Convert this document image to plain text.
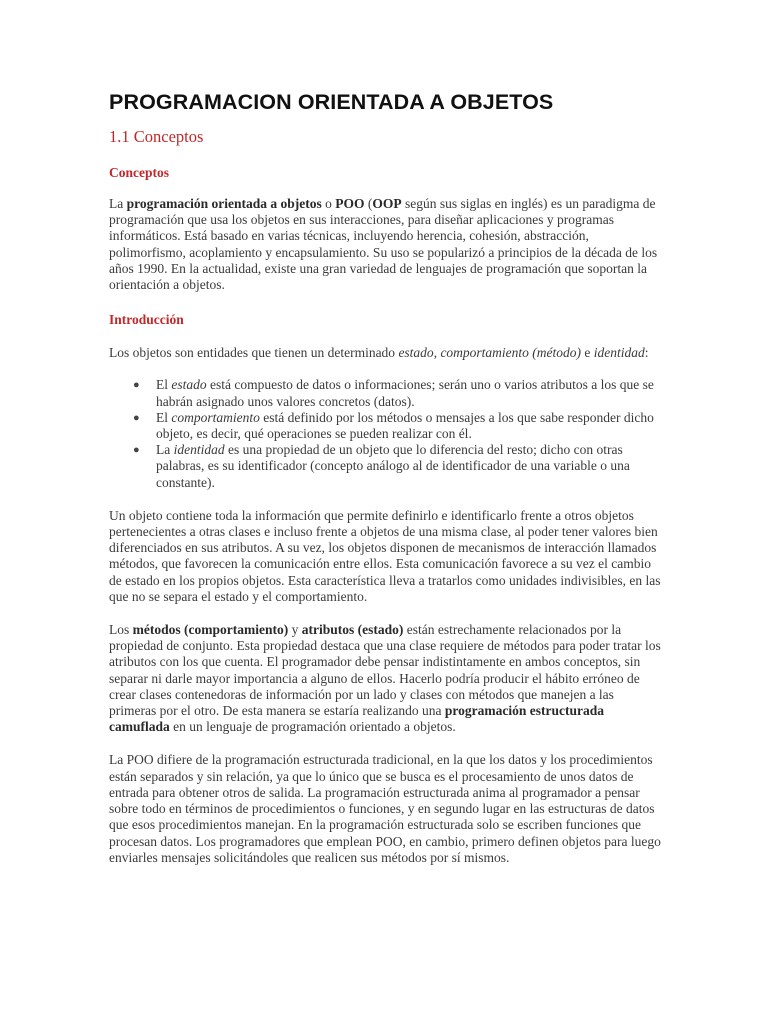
PROGRAMACION ORIENTADA A OBJETOS
1.1 Conceptos
Conceptos

La programación orientada a objetos o POO (OOP según sus siglas en inglés) es un paradigma de programación que usa los objetos en sus interacciones, para diseñar aplicaciones y programas informáticos. Está basado en varias técnicas, incluyendo herencia, cohesión, abstracción, polimorfismo, acoplamiento y encapsulamiento. Su uso se popularizó a principios de la década de los años 1990. En la actualidad, existe una gran variedad de lenguajes de programación que soportan la orientación a objetos.

Introducción

Los objetos son entidades que tienen un determinado estado, comportamiento (método) e identidad:

● El estado está compuesto de datos o informaciones; serán uno o varios atributos a los que se habrán asignado unos valores concretos (datos).
● El comportamiento está definido por los métodos o mensajes a los que sabe responder dicho objeto, es decir, qué operaciones se pueden realizar con él.
● La identidad es una propiedad de un objeto que lo diferencia del resto; dicho con otras palabras, es su identificador (concepto análogo al de identificador de una variable o una constante).

Un objeto contiene toda la información que permite definirlo e identificarlo frente a otros objetos pertenecientes a otras clases e incluso frente a objetos de una misma clase, al poder tener valores bien diferenciados en sus atributos. A su vez, los objetos disponen de mecanismos de interacción llamados métodos, que favorecen la comunicación entre ellos. Esta comunicación favorece a su vez el cambio de estado en los propios objetos. Esta característica lleva a tratarlos como unidades indivisibles, en las que no se separa el estado y el comportamiento.

Los métodos (comportamiento) y atributos (estado) están estrechamente relacionados por la propiedad de conjunto. Esta propiedad destaca que una clase requiere de métodos para poder tratar los atributos con los que cuenta. El programador debe pensar indistintamente en ambos conceptos, sin separar ni darle mayor importancia a alguno de ellos. Hacerlo podría producir el hábito erróneo de crear clases contenedoras de información por un lado y clases con métodos que manejen a las primeras por el otro. De esta manera se estaría realizando una programación estructurada camuflada en un lenguaje de programación orientado a objetos.

La POO difiere de la programación estructurada tradicional, en la que los datos y los procedimientos están separados y sin relación, ya que lo único que se busca es el procesamiento de unos datos de entrada para obtener otros de salida. La programación estructurada anima al programador a pensar sobre todo en términos de procedimientos o funciones, y en segundo lugar en las estructuras de datos que esos procedimientos manejan. En la programación estructurada solo se escriben funciones que procesan datos. Los programadores que emplean POO, en cambio, primero definen objetos para luego enviarles mensajes solicitándoles que realicen sus métodos por sí mismos.
